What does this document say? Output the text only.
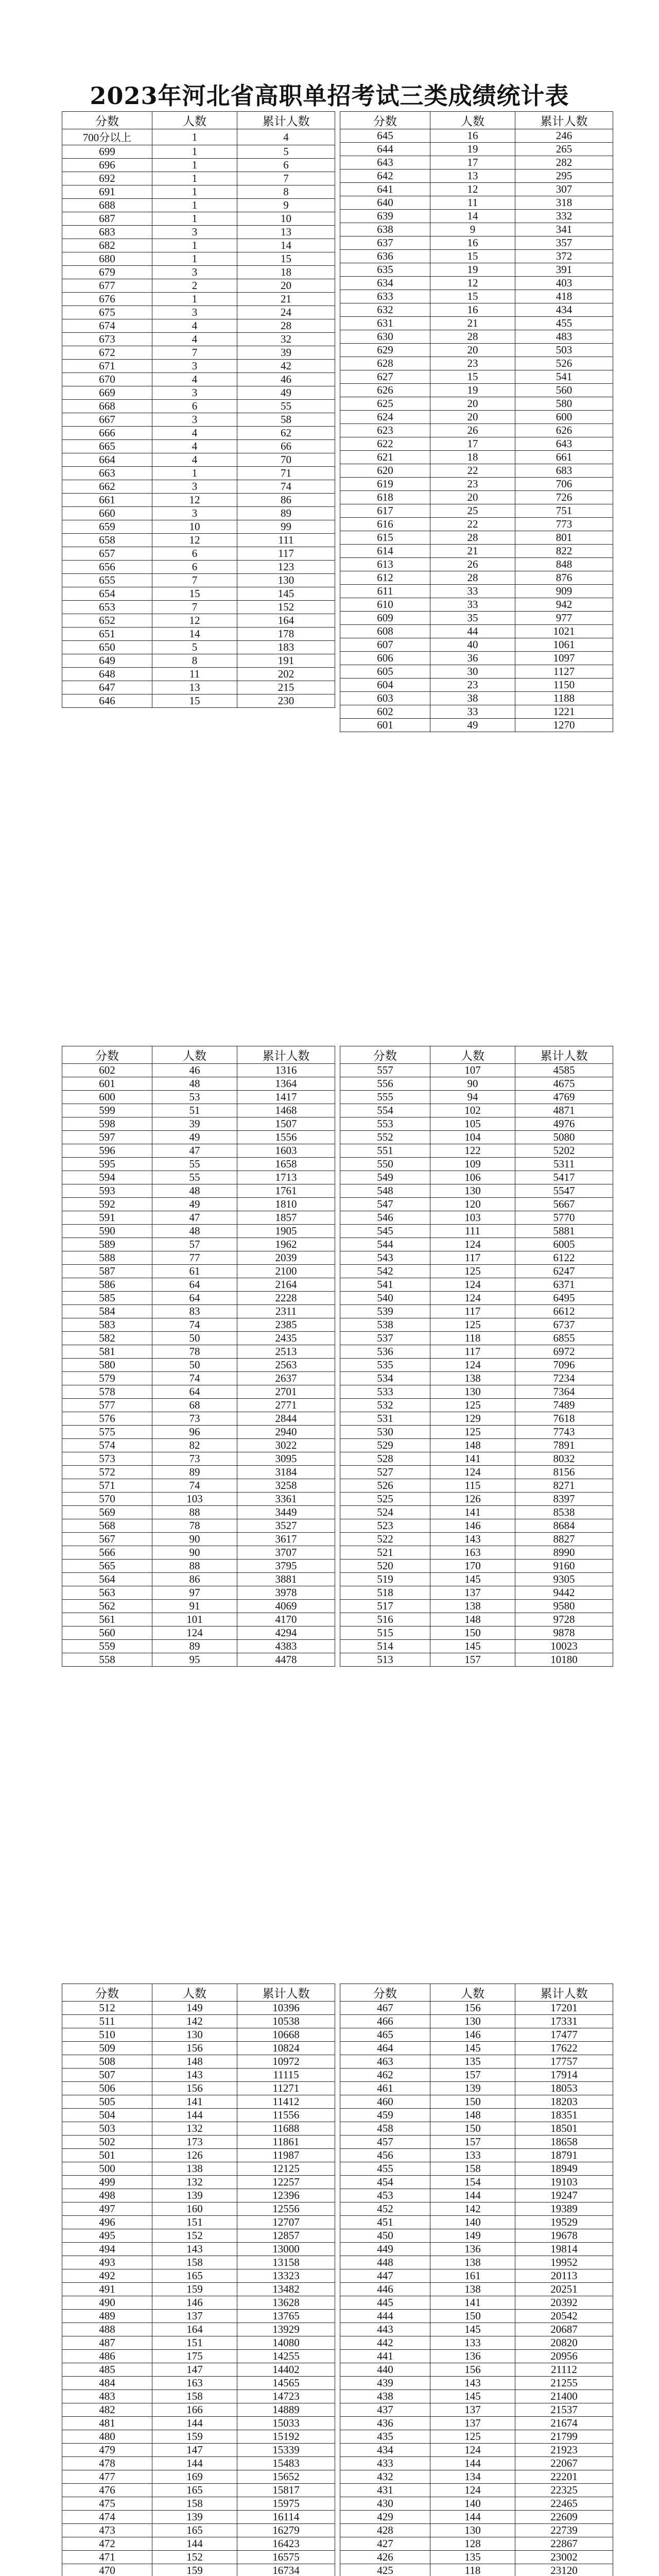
2023年河北省高职单招考试三类成绩统计表
分数	人数	累计人数
700分以上	1	4
699	1	5
696	1	6
692	1	7
691	1	8
688	1	9
687	1	10
683	3	13
682	1	14
680	1	15
679	3	18
677	2	20
676	1	21
675	3	24
674	4	28
673	4	32
672	7	39
671	3	42
670	4	46
669	3	49
668	6	55
667	3	58
666	4	62
665	4	66
664	4	70
663	1	71
662	3	74
661	12	86
660	3	89
659	10	99
658	12	111
657	6	117
656	6	123
655	7	130
654	15	145
653	7	152
652	12	164
651	14	178
650	5	183
649	8	191
648	11	202
647	13	215
646	15	230
分数	人数	累计人数
645	16	246
644	19	265
643	17	282
642	13	295
641	12	307
640	11	318
639	14	332
638	9	341
637	16	357
636	15	372
635	19	391
634	12	403
633	15	418
632	16	434
631	21	455
630	28	483
629	20	503
628	23	526
627	15	541
626	19	560
625	20	580
624	20	600
623	26	626
622	17	643
621	18	661
620	22	683
619	23	706
618	20	726
617	25	751
616	22	773
615	28	801
614	21	822
613	26	848
612	28	876
611	33	909
610	33	942
609	35	977
608	44	1021
607	40	1061
606	36	1097
605	30	1127
604	23	1150
603	38	1188
602	33	1221
601	49	1270
分数	人数	累计人数
602	46	1316
601	48	1364
600	53	1417
599	51	1468
598	39	1507
597	49	1556
596	47	1603
595	55	1658
594	55	1713
593	48	1761
592	49	1810
591	47	1857
590	48	1905
589	57	1962
588	77	2039
587	61	2100
586	64	2164
585	64	2228
584	83	2311
583	74	2385
582	50	2435
581	78	2513
580	50	2563
579	74	2637
578	64	2701
577	68	2771
576	73	2844
575	96	2940
574	82	3022
573	73	3095
572	89	3184
571	74	3258
570	103	3361
569	88	3449
568	78	3527
567	90	3617
566	90	3707
565	88	3795
564	86	3881
563	97	3978
562	91	4069
561	101	4170
560	124	4294
559	89	4383
558	95	4478
分数	人数	累计人数
557	107	4585
556	90	4675
555	94	4769
554	102	4871
553	105	4976
552	104	5080
551	122	5202
550	109	5311
549	106	5417
548	130	5547
547	120	5667
546	103	5770
545	111	5881
544	124	6005
543	117	6122
542	125	6247
541	124	6371
540	124	6495
539	117	6612
538	125	6737
537	118	6855
536	117	6972
535	124	7096
534	138	7234
533	130	7364
532	125	7489
531	129	7618
530	125	7743
529	148	7891
528	141	8032
527	124	8156
526	115	8271
525	126	8397
524	141	8538
523	146	8684
522	143	8827
521	163	8990
520	170	9160
519	145	9305
518	137	9442
517	138	9580
516	148	9728
515	150	9878
514	145	10023
513	157	10180
分数	人数	累计人数
512	149	10396
511	142	10538
510	130	10668
509	156	10824
508	148	10972
507	143	11115
506	156	11271
505	141	11412
504	144	11556
503	132	11688
502	173	11861
501	126	11987
500	138	12125
499	132	12257
498	139	12396
497	160	12556
496	151	12707
495	152	12857
494	143	13000
493	158	13158
492	165	13323
491	159	13482
490	146	13628
489	137	13765
488	164	13929
487	151	14080
486	175	14255
485	147	14402
484	163	14565
483	158	14723
482	166	14889
481	144	15033
480	159	15192
479	147	15339
478	144	15483
477	169	15652
476	165	15817
475	158	15975
474	139	16114
473	165	16279
472	144	16423
471	152	16575
470	159	16734

分数	人数	累计人数
467	156	17201
466	130	17331
465	146	17477
464	145	17622
463	135	17757
462	157	17914
461	139	18053
460	150	18203
459	148	18351
458	150	18501
457	157	18658
456	133	18791
455	158	18949
454	154	19103
453	144	19247
452	142	19389
451	140	19529
450	149	19678
449	136	19814
448	138	19952
447	161	20113
446	138	20251
445	141	20392
444	150	20542
443	145	20687
442	133	20820
441	136	20956
440	156	21112
439	143	21255
438	145	21400
437	137	21537
436	137	21674
435	125	21799
434	124	21923
433	144	22067
432	134	22201
431	124	22325
430	140	22465
429	144	22609
428	130	22739
427	128	22867
426	135	23002
425	118	23120
